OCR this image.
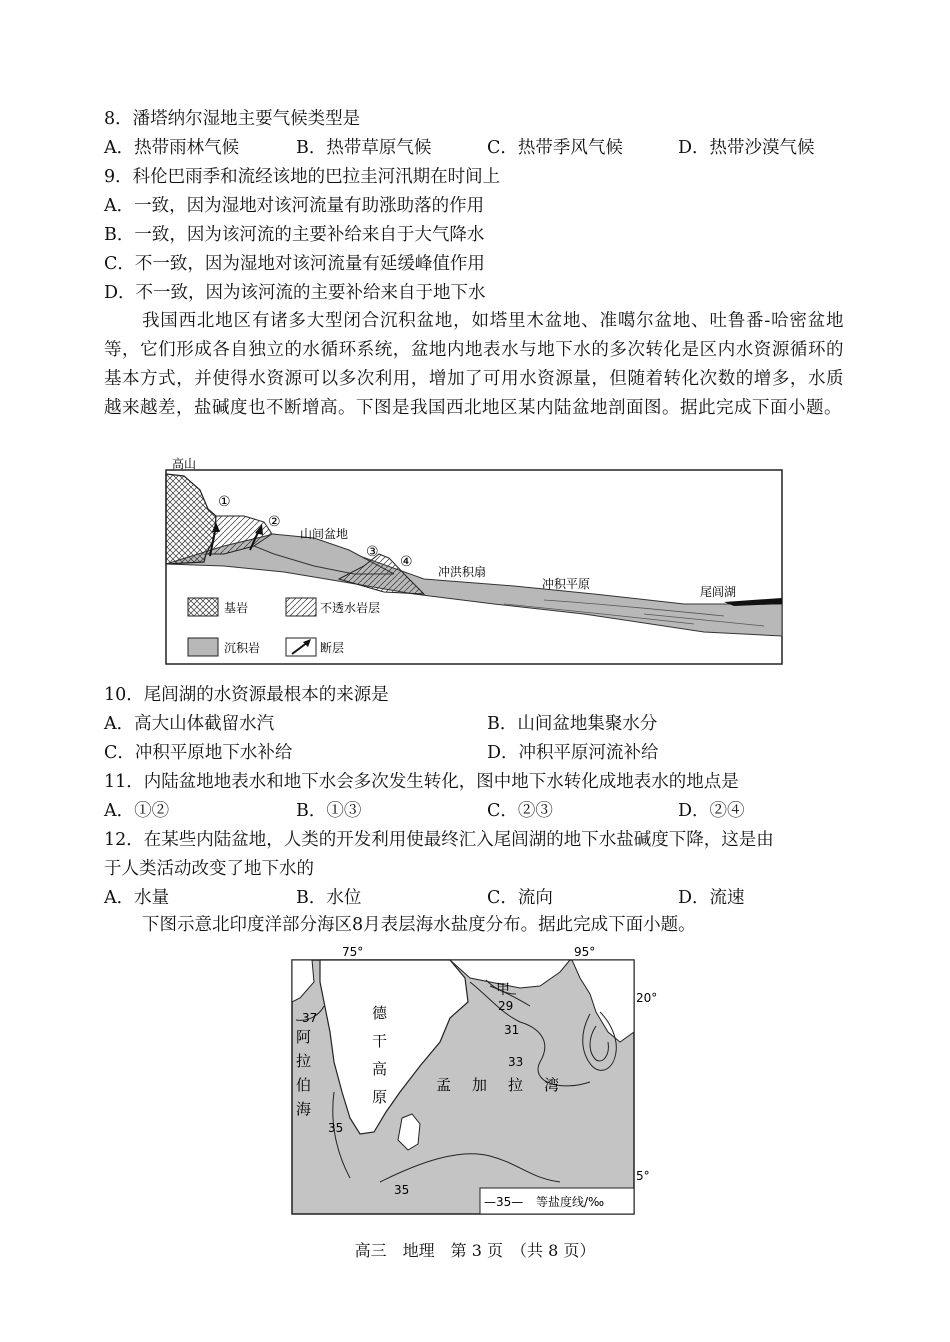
8．潘塔纳尔湿地主要气候类型是
A．热带雨林气候	B．热带草原气候	C．热带季风气候	D．热带沙漠气候
9．科伦巴雨季和流经该地的巴拉圭河汛期在时间上
A．一致，因为湿地对该河流量有助涨助落的作用
B．一致，因为该河流的主要补给来自于大气降水
C．不一致，因为湿地对该河流量有延缓峰值作用
D．不一致，因为该河流的主要补给来自于地下水
我国西北地区有诸多大型闭合沉积盆地，如塔里木盆地、准噶尔盆地、吐鲁番-哈密盆地等，它们形成各自独立的水循环系统，盆地内地表水与地下水的多次转化是区内水资源循环的基本方式，并使得水资源可以多次利用，增加了可用水资源量，但随着转化次数的增多，水质越来越差，盐碱度也不断增高。下图是我国西北地区某内陆盆地剖面图。据此完成下面小题。
高山
①
②
山间盆地
③
④
冲洪积扇
冲积平原
尾闾湖
基岩	不透水岩层
沉积岩	断层
10．尾闾湖的水资源最根本的来源是
A．高大山体截留水汽	B．山间盆地集聚水分
C．冲积平原地下水补给	D．冲积平原河流补给
11．内陆盆地地表水和地下水会多次发生转化，图中地下水转化成地表水的地点是
A．①②	B．①③	C．②③	D．②④
12．在某些内陆盆地，人类的开发利用使最终汇入尾闾湖的地下水盐碱度下降，这是由
于人类活动改变了地下水的
A．水量	B．水位	C．流向	D．流速
下图示意北印度洋部分海区8月表层海水盐度分布。据此完成下面小题。
75°	95°
20°
5°
37
35
35
29
31
33
甲
阿
拉
伯
海
德
干
高
原
孟 加 拉 湾
—35— 等盐度线/‰
高三　地理　第 3 页　（共 8 页）
